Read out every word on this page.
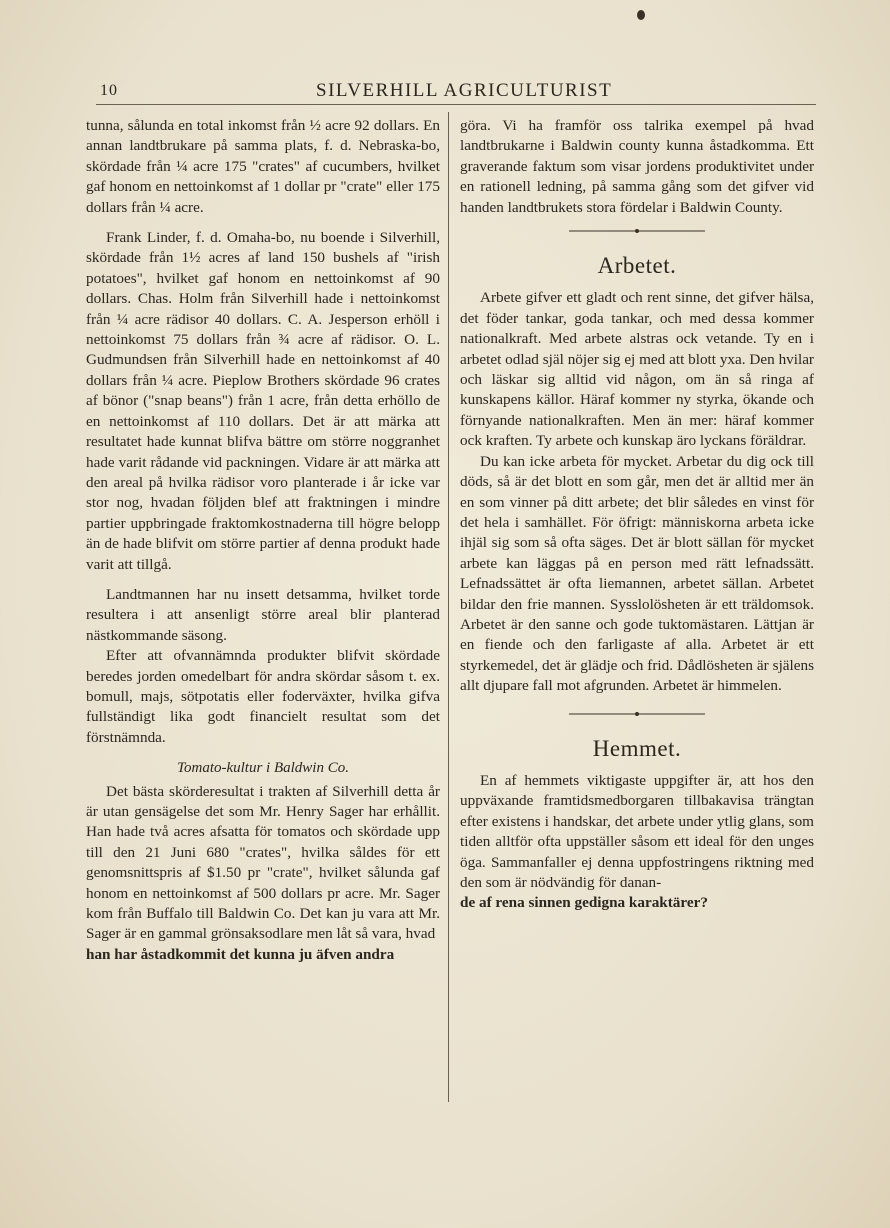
10	SILVERHILL AGRICULTURIST

tunna, sålunda en total inkomst från ½ acre 92 dollars. En annan landtbrukare på samma plats, f. d. Nebraska-bo, skördade från ¼ acre 175 "crates" af cucumbers, hvilket gaf honom en nettoinkomst af 1 dollar pr "crate" eller 175 dollars från ¼ acre.

Frank Linder, f. d. Omaha-bo, nu boende i Silverhill, skördade från 1½ acres af land 150 bushels af "irish potatoes", hvilket gaf honom en nettoinkomst af 90 dollars. Chas. Holm från Silverhill hade i nettoinkomst från ¼ acre rädisor 40 dollars. C. A. Jesperson erhöll i nettoinkomst 75 dollars från ¾ acre af rädisor. O. L. Gudmundsen från Silverhill hade en nettoinkomst af 40 dollars från ¼ acre. Pieplow Brothers skördade 96 crates af bönor ("snap beans") från 1 acre, från detta erhöllo de en nettoinkomst af 110 dollars. Det är att märka att resultatet hade kunnat blifva bättre om större noggranhet hade varit rådande vid packningen. Vidare är att märka att den areal på hvilka rädisor voro planterade i år icke var stor nog, hvadan följden blef att fraktningen i mindre partier uppbringade fraktomkostnaderna till högre belopp än de hade blifvit om större partier af denna produkt hade varit att tillgå.

Landtmannen har nu insett detsamma, hvilket torde resultera i att ansenligt större areal blir planterad nästkommande säsong.

Efter att ofvannämnda produkter blifvit skördade beredes jorden omedelbart för andra skördar såsom t. ex. bomull, majs, sötpotatis eller foderväxter, hvilka gifva fullständigt lika godt financielt resultat som det förstnämnda.

Tomato-kultur i Baldwin Co.

Det bästa skörderesultat i trakten af Silverhill detta år är utan gensägelse det som Mr. Henry Sager har erhållit. Han hade två acres afsatta för tomatos och skördade upp till den 21 Juni 680 "crates", hvilka såldes för ett genomsnittspris af $1.50 pr "crate", hvilket sålunda gaf honom en nettoinkomst af 500 dollars pr acre. Mr. Sager kom från Buffalo till Baldwin Co. Det kan ju vara att Mr. Sager är en gammal grönsaksodlare men låt så vara, hvad

han har åstadkommit det kunna ju äfven andra

göra. Vi ha framför oss talrika exempel på hvad landtbrukarne i Baldwin county kunna åstadkomma. Ett graverande faktum som visar jordens produktivitet under en rationell ledning, på samma gång som det gifver vid handen landtbrukets stora fördelar i Baldwin County.

Arbetet.

Arbete gifver ett gladt och rent sinne, det gifver hälsa, det föder tankar, goda tankar, och med dessa kommer nationalkraft. Med arbete alstras ock vetande. Ty en i arbetet odlad själ nöjer sig ej med att blott yxa. Den hvilar och läskar sig alltid vid någon, om än så ringa af kunskapens källor. Häraf kommer ny styrka, ökande och förnyande nationalkraften. Men än mer: häraf kommer ock kraften. Ty arbete och kunskap äro lyckans föräldrar.

Du kan icke arbeta för mycket. Arbetar du dig ock till döds, så är det blott en som går, men det är alltid mer än en som vinner på ditt arbete; det blir således en vinst för det hela i samhället. För öfrigt: människorna arbeta icke ihjäl sig som så ofta säges. Det är blott sällan för mycket arbete kan läggas på en person med rätt lefnadssätt. Lefnadssättet är ofta liemannen, arbetet sällan. Arbetet bildar den frie mannen. Sysslolösheten är ett träldomsok. Arbetet är den sanne och gode tuktomästaren. Lättjan är en fiende och den farligaste af alla. Arbetet är ett styrkemedel, det är glädje och frid. Dådlösheten är själens allt djupare fall mot afgrunden. Arbetet är himmelen.

Hemmet.

En af hemmets viktigaste uppgifter är, att hos den uppväxande framtidsmedborgaren tillbakavisa trängtan efter existens i handskar, det arbete under ytlig glans, som tiden alltför ofta uppställer såsom ett ideal för den unges öga. Sammanfaller ej denna uppfostringens riktning med den som är nödvändig för danan-

de af rena sinnen gedigna karaktärer?
